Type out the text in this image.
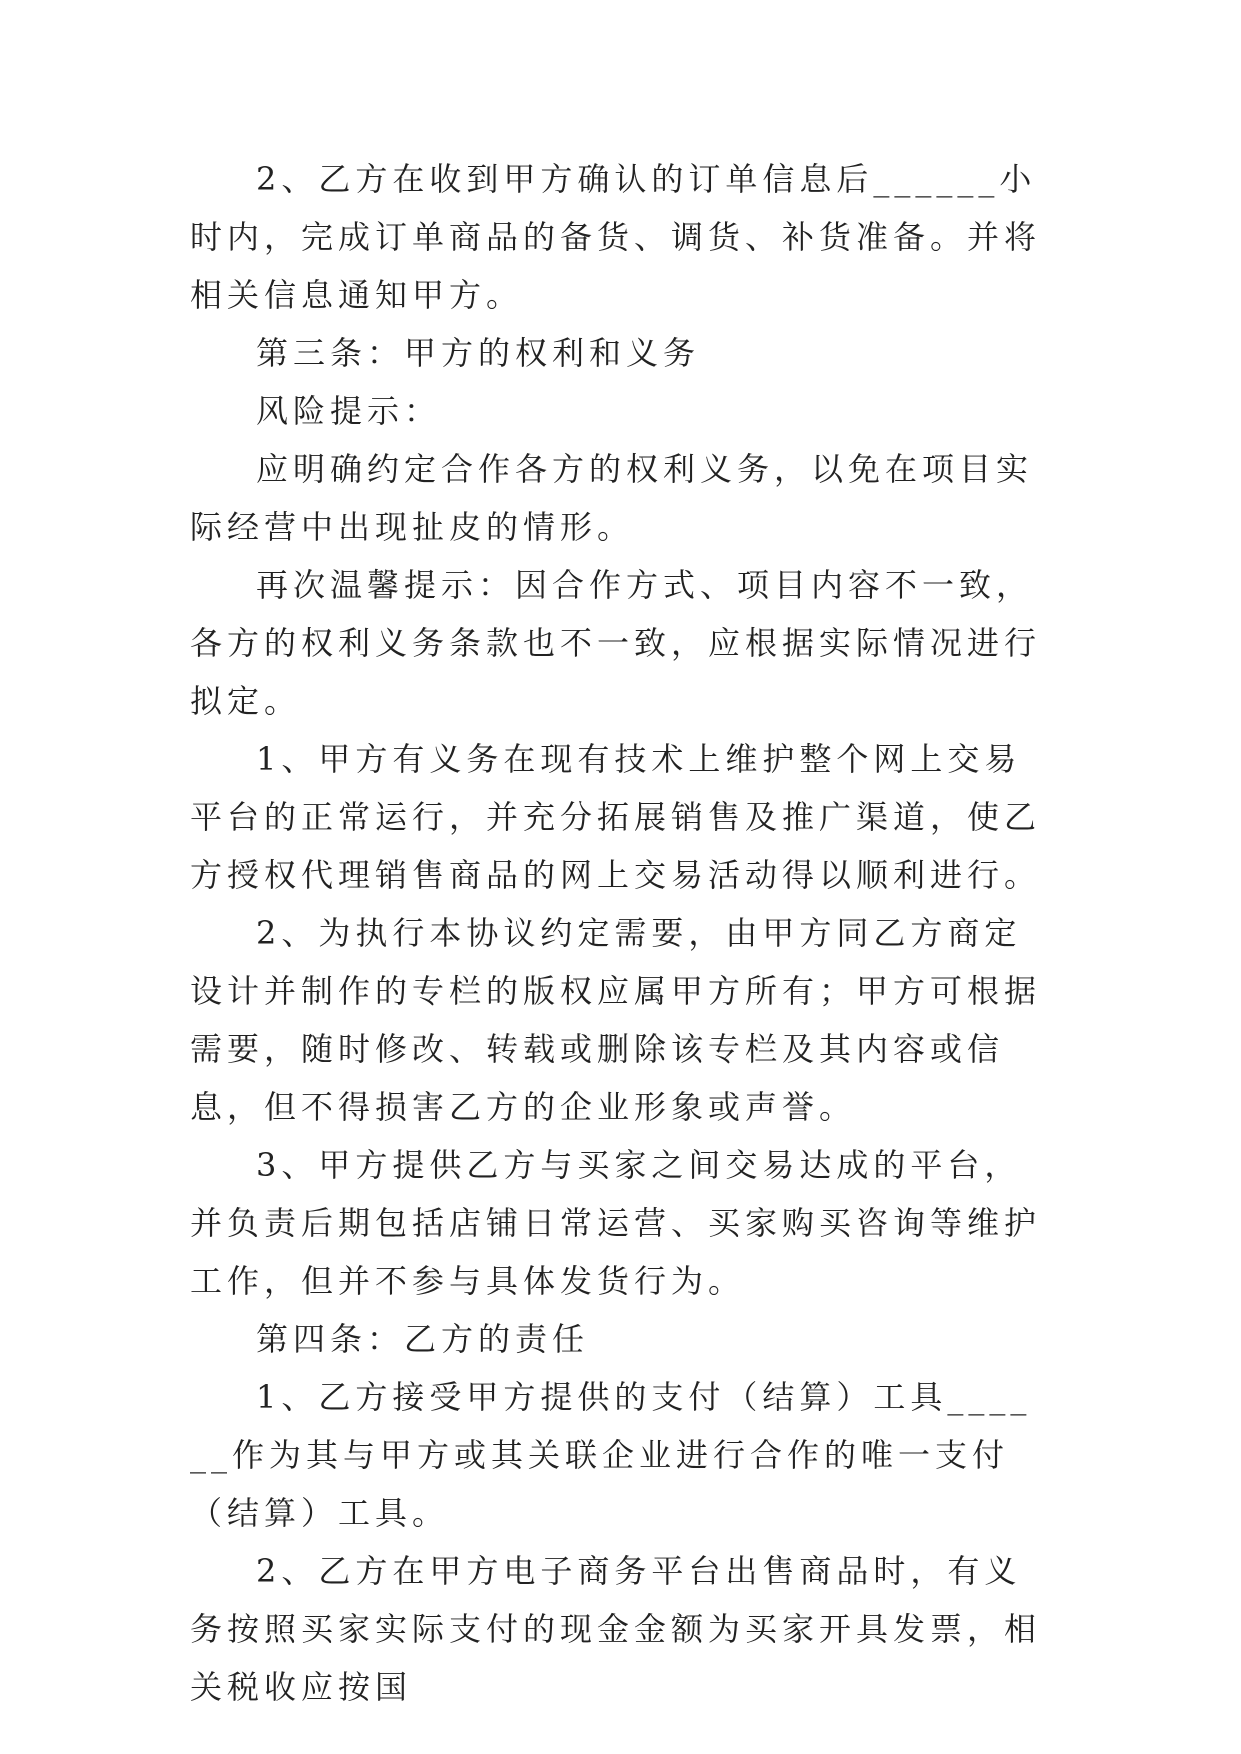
2、乙方在收到甲方确认的订单信息后______小时内，完成订单商品的备货、调货、补货准备。并将相关信息通知甲方。

第三条：甲方的权利和义务

风险提示：

应明确约定合作各方的权利义务，以免在项目实际经营中出现扯皮的情形。

再次温馨提示：因合作方式、项目内容不一致，各方的权利义务条款也不一致，应根据实际情况进行拟定。

1、甲方有义务在现有技术上维护整个网上交易平台的正常运行，并充分拓展销售及推广渠道，使乙方授权代理销售商品的网上交易活动得以顺利进行。

2、为执行本协议约定需要，由甲方同乙方商定设计并制作的专栏的版权应属甲方所有；甲方可根据需要，随时修改、转载或删除该专栏及其内容或信息，但不得损害乙方的企业形象或声誉。

3、甲方提供乙方与买家之间交易达成的平台，并负责后期包括店铺日常运营、买家购买咨询等维护工作，但并不参与具体发货行为。

第四条：乙方的责任

1、乙方接受甲方提供的支付（结算）工具______作为其与甲方或其关联企业进行合作的唯一支付（结算）工具。

2、乙方在甲方电子商务平台出售商品时，有义务按照买家实际支付的现金金额为买家开具发票，相关税收应按国
